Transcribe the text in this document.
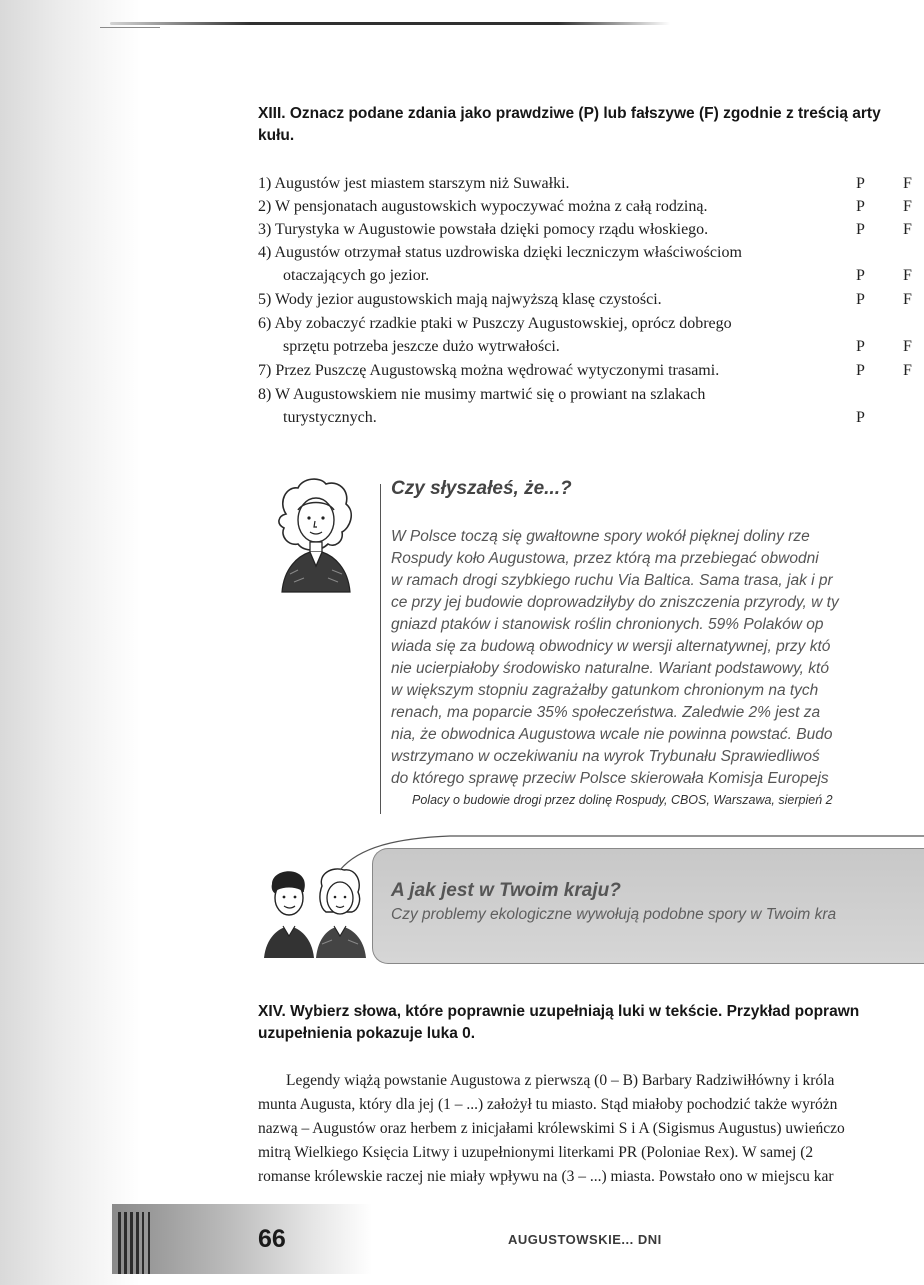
XIII. Oznacz podane zdania jako prawdziwe (P) lub fałszywe (F) zgodnie z treścią arty
kułu.
1) Augustów jest miastem starszym niż Suwałki.
2) W pensjonatach augustowskich wypoczywać można z całą rodziną.
3) Turystyka w Augustowie powstała dzięki pomocy rządu włoskiego.
4) Augustów otrzymał status uzdrowiska dzięki leczniczym właściwościom
otaczających go jezior.
5) Wody jezior augustowskich mają najwyższą klasę czystości.
6) Aby zobaczyć rzadkie ptaki w Puszczy Augustowskiej, oprócz dobrego
sprzętu potrzeba jeszcze dużo wytrwałości.
7) Przez Puszczę Augustowską można wędrować wytyczonymi trasami.
8) W Augustowskiem nie musimy martwić się o prowiant na szlakach
turystycznych.
P F
P F
P F
P F
P F
P F
P F
P
Czy słyszałeś, że...?
W Polsce toczą się gwałtowne spory wokół pięknej doliny rze
Rospudy koło Augustowa, przez którą ma przebiegać obwodni
w ramach drogi szybkiego ruchu Via Baltica. Sama trasa, jak i pr
ce przy jej budowie doprowadziłyby do zniszczenia przyrody, w ty
gniazd ptaków i stanowisk roślin chronionych. 59% Polaków op
wiada się za budową obwodnicy w wersji alternatywnej, przy któ
nie ucierpiałoby środowisko naturalne. Wariant podstawowy, któ
w większym stopniu zagrażałby gatunkom chronionym na tych
renach, ma poparcie 35% społeczeństwa. Zaledwie 2% jest za
nia, że obwodnica Augustowa wcale nie powinna powstać. Budo
wstrzymano w oczekiwaniu na wyrok Trybunału Sprawiedliwoś
do którego sprawę przeciw Polsce skierowała Komisja Europejs
Polacy o budowie drogi przez dolinę Rospudy, CBOS, Warszawa, sierpień 2
A jak jest w Twoim kraju?
Czy problemy ekologiczne wywołują podobne spory w Twoim kra
XIV. Wybierz słowa, które poprawnie uzupełniają luki w tekście. Przykład poprawn
uzupełnienia pokazuje luka 0.
Legendy wiążą powstanie Augustowa z pierwszą (0 – B) Barbary Radziwiłłówny i króla
munta Augusta, który dla jej (1 – ...) założył tu miasto. Stąd miałoby pochodzić także wyróżn
nazwą – Augustów oraz herbem z inicjałami królewskimi S i A (Sigismus Augustus) uwieńczo
mitrą Wielkiego Księcia Litwy i uzupełnionymi literkami PR (Poloniae Rex). W samej (2
romanse królewskie raczej nie miały wpływu na (3 – ...) miasta. Powstało ono w miejscu kar
66	AUGUSTOWSKIE... DNI
